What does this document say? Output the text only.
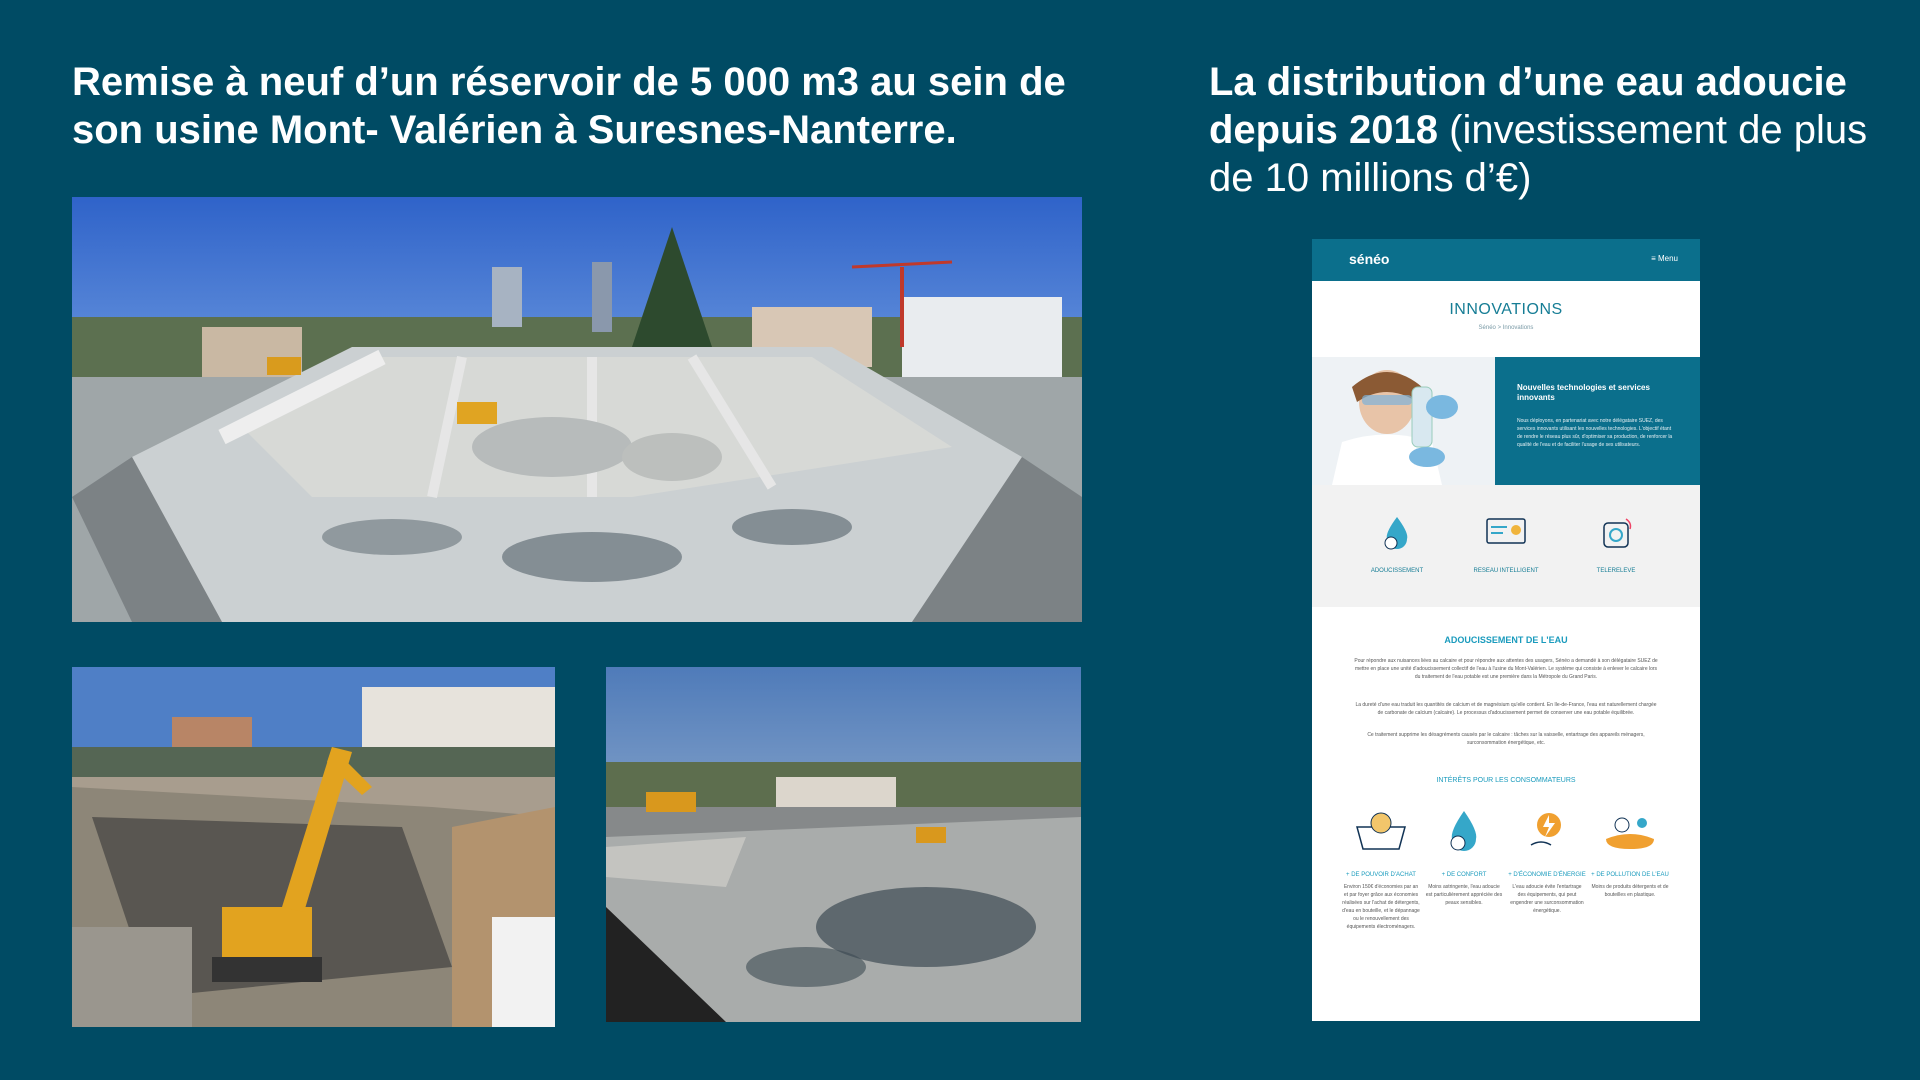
Remise à neuf d’un réservoir de 5 000 m3 au sein de son usine Mont- Valérien à Suresnes-Nanterre.
La distribution d’une eau adoucie depuis 2018 (investissement de plus de 10 millions d’€)
sénéo	≡ Menu
INNOVATIONS
Sénéo > Innovations
Nouvelles technologies et services innovants
Nous déployons, en partenariat avec notre délégataire SUEZ, des services innovants utilisant les nouvelles technologies. L'objectif étant de rendre le réseau plus sûr, d'optimiser sa production, de renforcer la qualité de l'eau et de faciliter l'usage de ses utilisateurs.
ADOUCISSEMENT	RESEAU INTELLIGENT	TELERELEVE
ADOUCISSEMENT DE L'EAU
Pour répondre aux nuisances liées au calcaire et pour répondre aux attentes des usagers, Sénéo a demandé à son délégataire SUEZ de mettre en place une unité d'adoucissement collectif de l'eau à l'usine du Mont-Valérien. Le système qui consiste à enlever le calcaire lors du traitement de l'eau potable est une première dans la Métropole du Grand Paris.
La dureté d'une eau traduit les quantités de calcium et de magnésium qu'elle contient. En Ile-de-France, l'eau est naturellement chargée de carbonate de calcium (calcaire). Le processus d'adoucissement permet de conserver une eau potable équilibrée.
Ce traitement supprime les désagréments causés par le calcaire : tâches sur la vaisselle, entartrage des appareils ménagers, surconsommation énergétique, etc.
INTÉRÊTS POUR LES CONSOMMATEURS
+ DE POUVOIR D'ACHAT
Environ 150€ d'économies par an et par foyer grâce aux économies réalisées sur l'achat de détergents, d'eau en bouteille, et le dépannage ou le renouvellement des équipements électroménagers.
+ DE CONFORT
Moins astringente, l'eau adoucie est particulièrement appréciée des peaux sensibles.
+ D'ÉCONOMIE D'ÉNERGIE
L'eau adoucie évite l'entartrage des équipements, qui peut engendrer une surconsommation énergétique.
+ DE POLLUTION DE L'EAU
Moins de produits détergents et de bouteilles en plastique.
